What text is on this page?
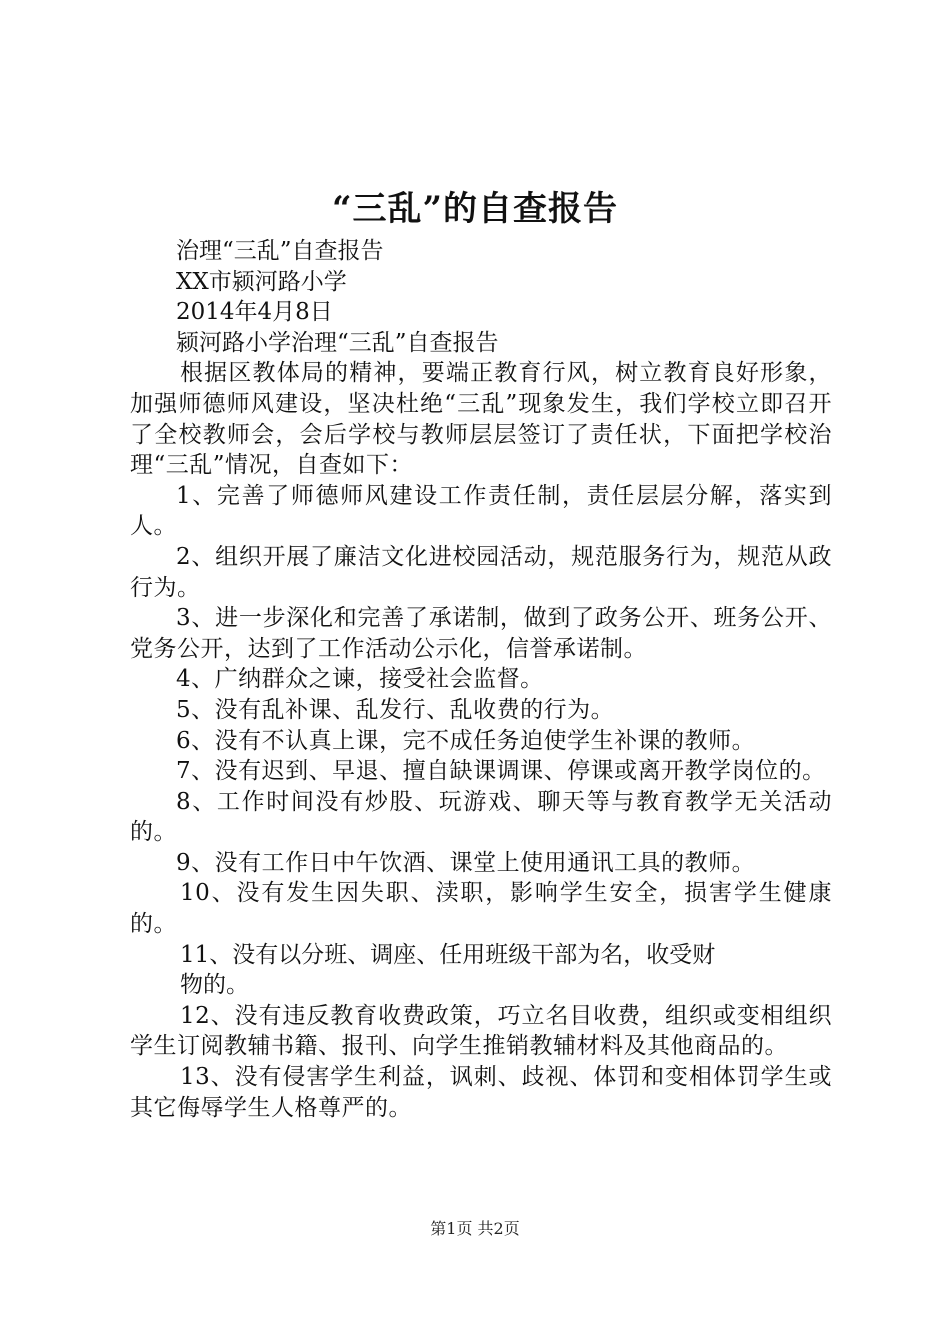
“三乱”的自查报告

治理“三乱”自查报告

XX市颍河路小学

2014年4月8日

颍河路小学治理“三乱”自查报告

根据区教体局的精神，要端正教育行风，树立教育良好形象，加强师德师风建设，坚决杜绝“三乱”现象发生，我们学校立即召开了全校教师会，会后学校与教师层层签订了责任状，下面把学校治理“三乱”情况，自查如下：

1、完善了师德师风建设工作责任制，责任层层分解，落实到人。

2、组织开展了廉洁文化进校园活动，规范服务行为，规范从政行为。

3、进一步深化和完善了承诺制，做到了政务公开、班务公开、党务公开，达到了工作活动公示化，信誉承诺制。

4、广纳群众之谏，接受社会监督。

5、没有乱补课、乱发行、乱收费的行为。

6、没有不认真上课，完不成任务迫使学生补课的教师。

7、没有迟到、早退、擅自缺课调课、停课或离开教学岗位的。

8、工作时间没有炒股、玩游戏、聊天等与教育教学无关活动的。

9、没有工作日中午饮酒、课堂上使用通讯工具的教师。

10、没有发生因失职、渎职，影响学生安全，损害学生健康的。

11、没有以分班、调座、任用班级干部为名，收受财

物的。

12、没有违反教育收费政策，巧立名目收费，组织或变相组织学生订阅教辅书籍、报刊、向学生推销教辅材料及其他商品的。

13、没有侵害学生利益，讽刺、歧视、体罚和变相体罚学生或其它侮辱学生人格尊严的。

第1页 共2页
